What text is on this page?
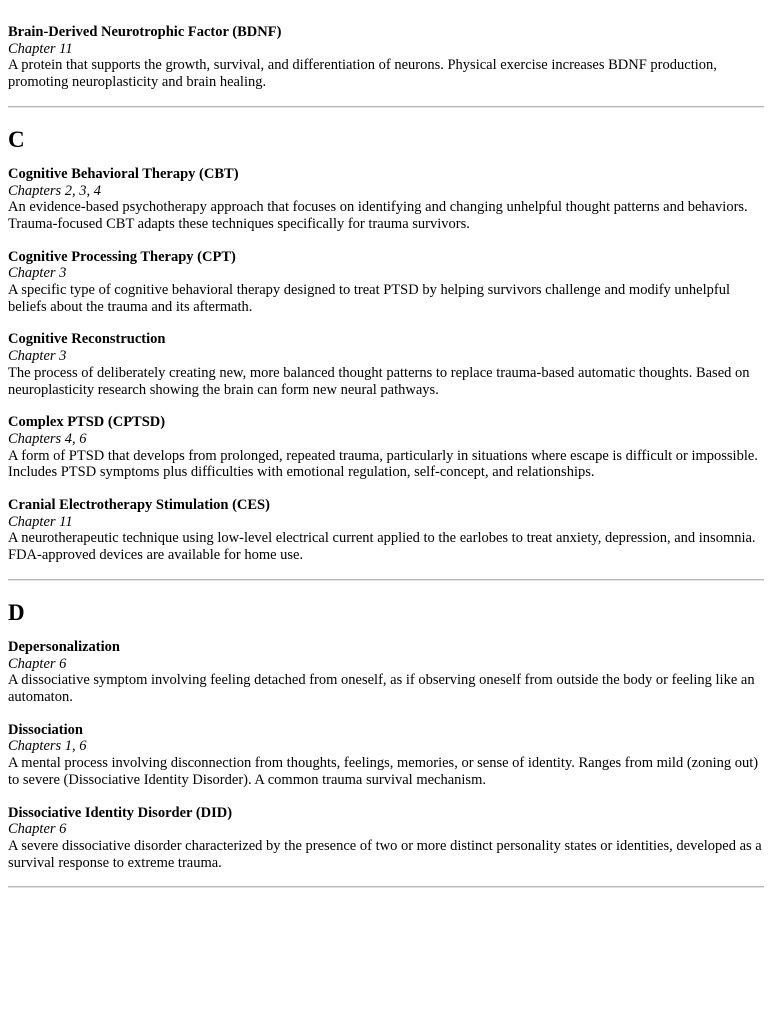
Brain-Derived Neurotrophic Factor (BDNF)
Chapter 11
A protein that supports the growth, survival, and differentiation of neurons. Physical exercise increases BDNF production, promoting neuroplasticity and brain healing.
C
Cognitive Behavioral Therapy (CBT)
Chapters 2, 3, 4
An evidence-based psychotherapy approach that focuses on identifying and changing unhelpful thought patterns and behaviors. Trauma-focused CBT adapts these techniques specifically for trauma survivors.
Cognitive Processing Therapy (CPT)
Chapter 3
A specific type of cognitive behavioral therapy designed to treat PTSD by helping survivors challenge and modify unhelpful beliefs about the trauma and its aftermath.
Cognitive Reconstruction
Chapter 3
The process of deliberately creating new, more balanced thought patterns to replace trauma-based automatic thoughts. Based on neuroplasticity research showing the brain can form new neural pathways.
Complex PTSD (CPTSD)
Chapters 4, 6
A form of PTSD that develops from prolonged, repeated trauma, particularly in situations where escape is difficult or impossible. Includes PTSD symptoms plus difficulties with emotional regulation, self-concept, and relationships.
Cranial Electrotherapy Stimulation (CES)
Chapter 11
A neurotherapeutic technique using low-level electrical current applied to the earlobes to treat anxiety, depression, and insomnia. FDA-approved devices are available for home use.
D
Depersonalization
Chapter 6
A dissociative symptom involving feeling detached from oneself, as if observing oneself from outside the body or feeling like an automaton.
Dissociation
Chapters 1, 6
A mental process involving disconnection from thoughts, feelings, memories, or sense of identity. Ranges from mild (zoning out) to severe (Dissociative Identity Disorder). A common trauma survival mechanism.
Dissociative Identity Disorder (DID)
Chapter 6
A severe dissociative disorder characterized by the presence of two or more distinct personality states or identities, developed as a survival response to extreme trauma.
